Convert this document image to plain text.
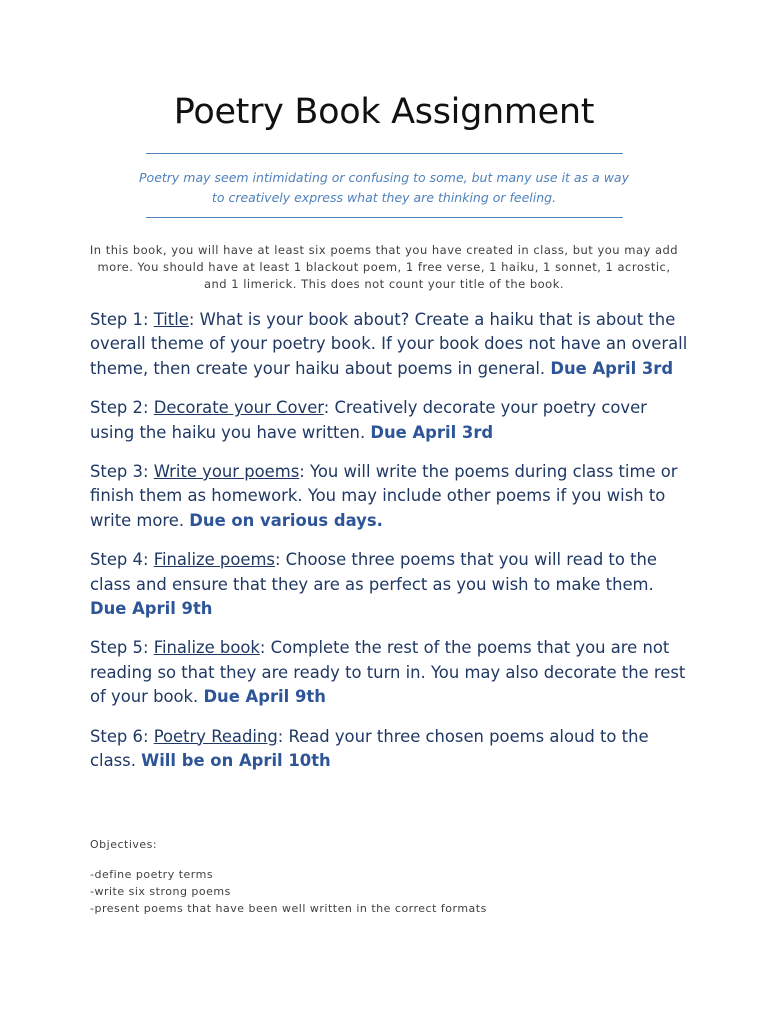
Poetry Book Assignment
Poetry may seem intimidating or confusing to some, but many use it as a way
to creatively express what they are thinking or feeling.
In this book, you will have at least six poems that you have created in class, but you may add more. You should have at least 1 blackout poem, 1 free verse, 1 haiku, 1 sonnet, 1 acrostic, and 1 limerick. This does not count your title of the book.

Step 1: Title: What is your book about? Create a haiku that is about the overall theme of your poetry book. If your book does not have an overall theme, then create your haiku about poems in general. Due April 3rd

Step 2: Decorate your Cover: Creatively decorate your poetry cover using the haiku you have written. Due April 3rd

Step 3: Write your poems: You will write the poems during class time or finish them as homework. You may include other poems if you wish to write more. Due on various days.

Step 4: Finalize poems: Choose three poems that you will read to the class and ensure that they are as perfect as you wish to make them. Due April 9th

Step 5: Finalize book: Complete the rest of the poems that you are not reading so that they are ready to turn in. You may also decorate the rest of your book. Due April 9th

Step 6: Poetry Reading: Read your three chosen poems aloud to the class. Will be on April 10th

Objectives:
-define poetry terms
-write six strong poems
-present poems that have been well written in the correct formats
